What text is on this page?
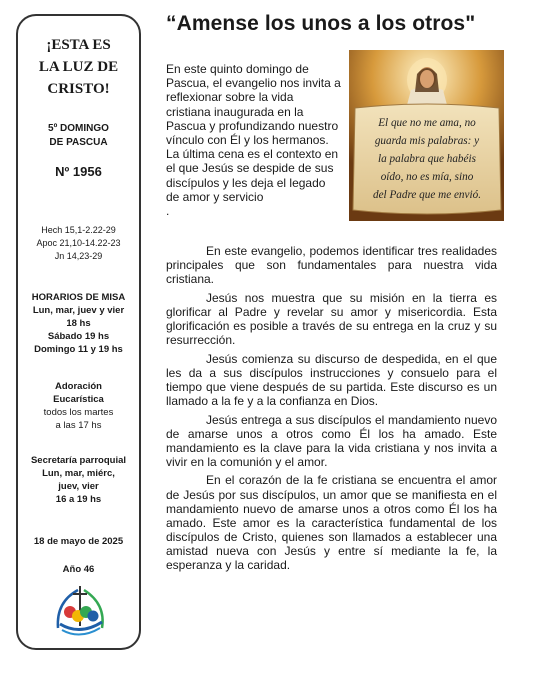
¡ESTA ES
LA LUZ DE
CRISTO!
5º DOMINGO
DE PASCUA
Nº 1956
Hech 15,1-2.22-29
Apoc 21,10-14.22-23
Jn 14,23-29
HORARIOS DE MISA
Lun, mar, juev y vier
18 hs
Sábado 19 hs
Domingo 11 y 19 hs
Adoración
Eucarística
todos los martes
a las 17 hs
Secretaría parroquial
Lun, mar, miérc,
juev, vier
16 a 19 hs
18 de mayo de 2025
Año 46
“Amense los unos a los otros"
El que no me ama, no
guarda mis palabras: y
la palabra que habéis
oído, no es mía, sino
del Padre que me envió.
En este quinto domingo de Pascua, el evangelio nos invita a reflexionar sobre la vida cristiana inaugurada en la Pascua y profundizando nuestro vínculo con Él y los hermanos. La última cena es el contexto en el que Jesús se despide de sus discípulos y les deja el legado de amor y servicio
.

En este evangelio, podemos identificar tres realidades principales que son fundamentales para nuestra vida cristiana.

Jesús nos muestra que su misión en la tierra es glorificar al Padre y revelar su amor y misericordia. Esta glorificación es posible a través de su entrega en la cruz y su resurrección.

Jesús comienza su discurso de despedida, en el que les da a sus discípulos instrucciones y consuelo para el tiempo que viene después de su partida. Este discurso es un llamado a la fe y a la confianza en Dios.

Jesús entrega a sus discípulos el mandamiento nuevo de amarse unos a otros como Él los ha amado. Este mandamiento es la clave para la vida cristiana y nos invita a vivir en la comunión y el amor.

En el corazón de la fe cristiana se encuentra el amor de Jesús por sus discípulos, un amor que se manifiesta en el mandamiento nuevo de amarse unos a otros como Él los ha amado. Este amor es la característica fundamental de los discípulos de Cristo, quienes son llamados a establecer una amistad nueva con Jesús y entre sí mediante la fe, la esperanza y la caridad.
